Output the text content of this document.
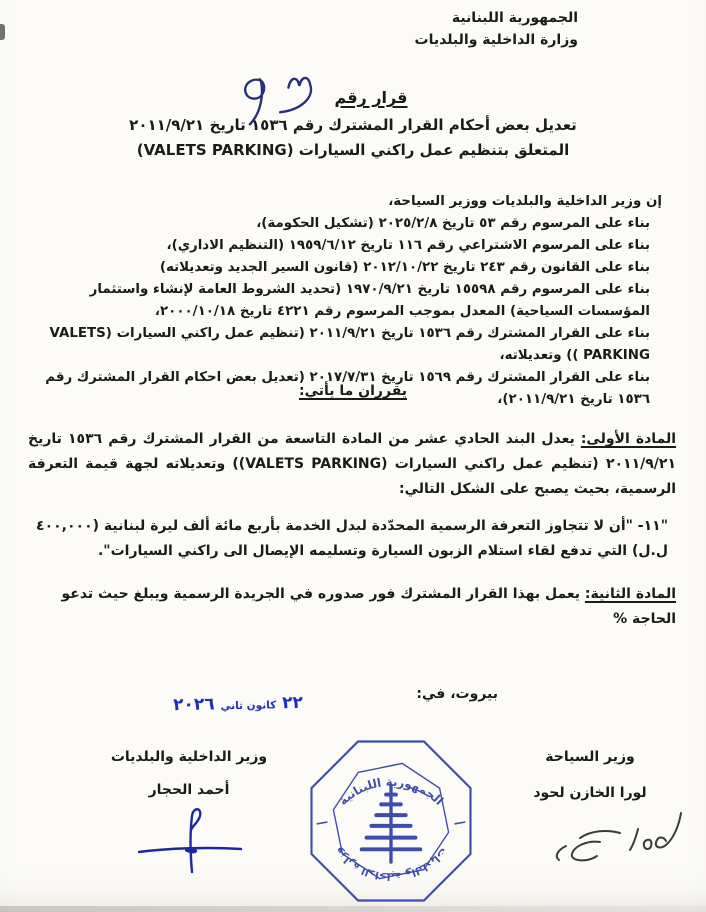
الجمهورية اللبنانية
وزارة الداخلية والبلديات
قرار رقم
تعديل بعض أحكام القرار المشترك رقم ١٥٣٦ تاريخ ٢٠١١/٩/٢١
المتعلق بتنظيم عمل راكني السيارات (VALETS PARKING)
إن وزير الداخلية والبلديات ووزير السياحة،
بناء على المرسوم رقم ٥٣ تاريخ ٢٠٢٥/٢/٨ (تشكيل الحكومة)،
بناء على المرسوم الاشتراعي رقم ١١٦ تاريخ ١٩٥٩/٦/١٢ (التنظيم الاداري)،
بناء على القانون رقم ٢٤٣ تاريخ ٢٠١٢/١٠/٢٢ (قانون السير الجديد وتعديلاته)
بناء على المرسوم رقم ١٥٥٩٨ تاريخ ١٩٧٠/٩/٢١ (تحديد الشروط العامة لإنشاء واستثمار المؤسسات السياحية) المعدل بموجب المرسوم رقم ٤٢٢١ تاريخ ٢٠٠٠/١٠/١٨،
بناء على القرار المشترك رقم ١٥٣٦ تاريخ ٢٠١١/٩/٢١ (تنظيم عمل راكني السيارات (VALETS PARKING )) وتعديلاته،
بناء على القرار المشترك رقم ١٥٦٩ تاريخ ٢٠١٧/٧/٣١ (تعديل بعض احكام القرار المشترك رقم ١٥٣٦ تاريخ ٢٠١١/٩/٢١)،
يقرران ما يأتي:
المادة الأولى: يعدل البند الحادي عشر من المادة التاسعة من القرار المشترك رقم ١٥٣٦ تاريخ ٢٠١١/٩/٢١ (تنظيم عمل راكني السيارات (VALETS PARKING)) وتعديلاته لجهة قيمة التعرفة الرسمية، بحيث يصبح على الشكل التالي:
"١١- "أن لا تتجاوز التعرفة الرسمية المحدّدة لبدل الخدمة بأربع مائة ألف ليرة لبنانية (٤٠٠,٠٠٠ ل.ل) التي تدفع لقاء استلام الزبون السيارة وتسليمه الإيصال الى راكني السيارات".
المادة الثانية: يعمل بهذا القرار المشترك فور صدوره في الجريدة الرسمية ويبلغ حيث تدعو الحاجة %
بيروت، في:
٢٢ كانون ثاني ٢٠٢٦
وزير السياحة
لورا الخازن لحود
وزير الداخلية والبلديات
أحمد الحجار
الجمهورية اللبنانية
وزارة الداخلية والبلديات
